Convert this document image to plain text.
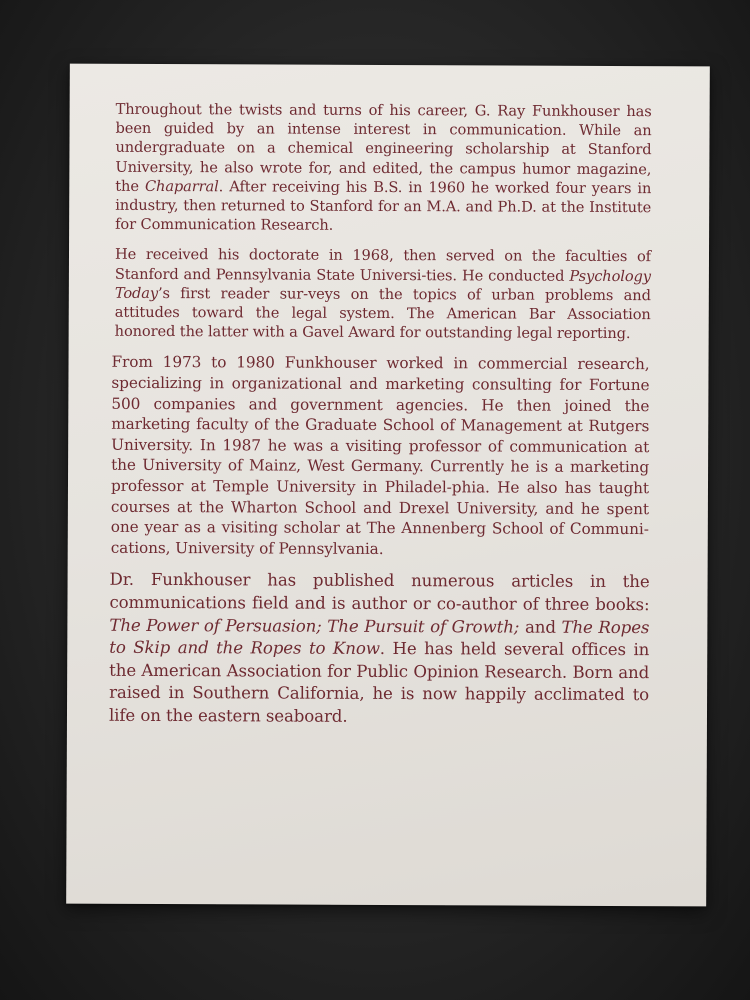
Throughout the twists and turns of his career, G. Ray Funkhouser has been guided by an intense interest in communication. While an undergraduate on a chemical engineering scholarship at Stanford University, he also wrote for, and edited, the campus humor magazine, the Chaparral. After receiving his B.S. in 1960 he worked four years in industry, then returned to Stanford for an M.A. and Ph.D. at the Institute for Communication Research.

He received his doctorate in 1968, then served on the faculties of Stanford and Pennsylvania State Universi-ties. He conducted Psychology Today’s first reader sur-veys on the topics of urban problems and attitudes toward the legal system. The American Bar Association honored the latter with a Gavel Award for outstanding legal reporting.

From 1973 to 1980 Funkhouser worked in commercial research, specializing in organizational and marketing consulting for Fortune 500 companies and government agencies. He then joined the marketing faculty of the Graduate School of Management at Rutgers University. In 1987 he was a visiting professor of communication at the University of Mainz, West Germany. Currently he is a marketing professor at Temple University in Philadel-phia. He also has taught courses at the Wharton School and Drexel University, and he spent one year as a visiting scholar at The Annenberg School of Communi-cations, University of Pennsylvania.

Dr. Funkhouser has published numerous articles in the communications field and is author or co-author of three books: The Power of Persuasion; The Pursuit of Growth; and The Ropes to Skip and the Ropes to Know. He has held several offices in the American Association for Public Opinion Research. Born and raised in Southern California, he is now happily acclimated to life on the eastern seaboard.
